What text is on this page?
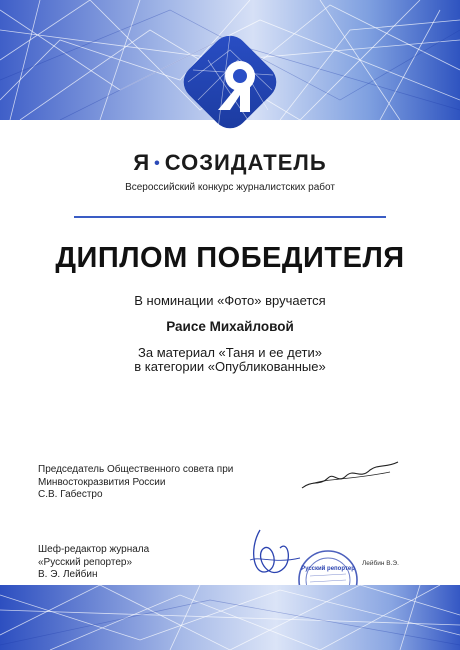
Я • СОЗИДАТЕЛЬ
Всероссийский конкурс журналистских работ
ДИПЛОМ ПОБЕДИТЕЛЯ
В номинации «Фото» вручается
Раисе Михайловой
За материал «Таня и ее дети»
в категории «Опубликованные»
Председатель Общественного совета при
Минвостокразвития России
С.В. Габестро
Шеф-редактор журнала
«Русский репортер»
В. Э. Лейбин	Русский репортер
Лейбин В.Э.
